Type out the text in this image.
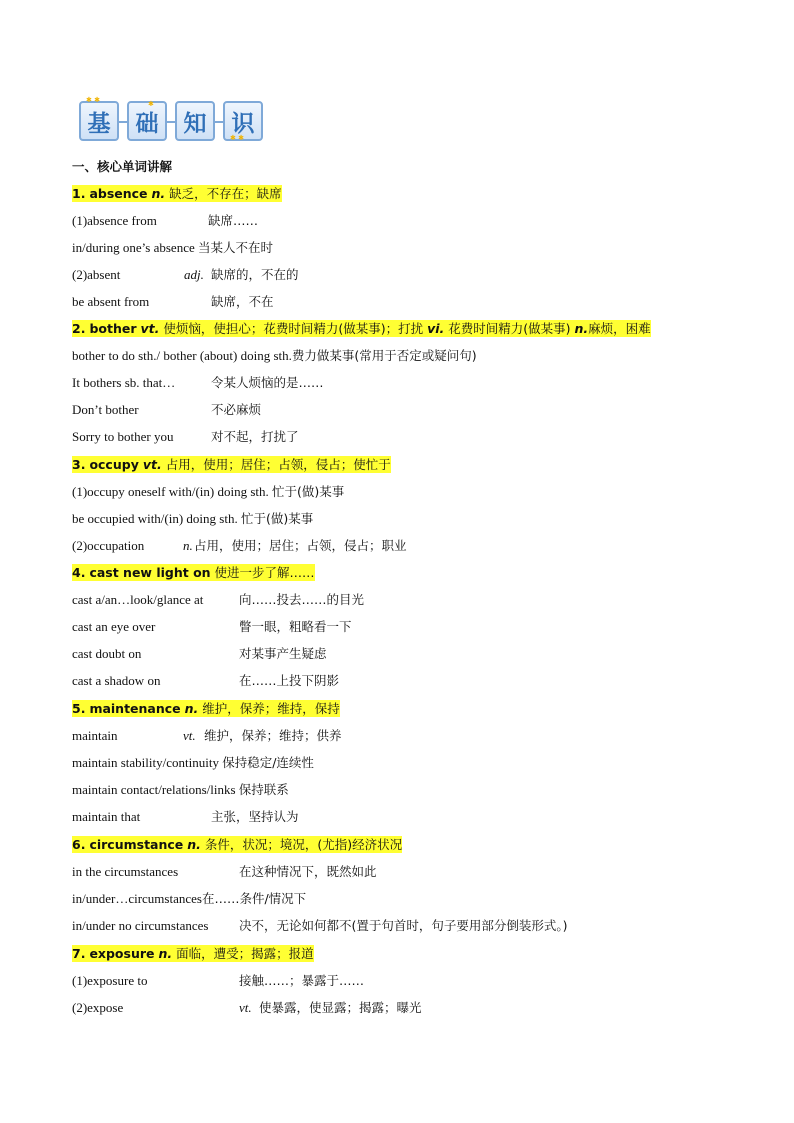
基	础	知	识
✱ ✱	✱
✱ ✱
一、核心单词讲解
1. absence n. 缺乏，不存在；缺席
(1)absence from	缺席……
in/during one’s absence 当某人不在时
(2)absent	adj. 缺席的，不在的
be absent from	缺席，不在
2. bother vt. 使烦恼，使担心；花费时间精力(做某事)；打扰 vi. 花费时间精力(做某事) n.麻烦，困难
bother to do sth./ bother (about) doing sth.费力做某事(常用于否定或疑问句)
It bothers sb. that…	令某人烦恼的是……
Don’t bother	不必麻烦
Sorry to bother you	对不起，打扰了
3. occupy vt. 占用，使用；居住；占领，侵占；使忙于
(1)occupy oneself with/(in) doing sth. 忙于(做)某事
be occupied with/(in) doing sth. 忙于(做)某事
(2)occupation	n. 占用，使用；居住；占领，侵占；职业
4. cast new light on 使进一步了解……
cast a/an…look/glance at	向……投去……的目光
cast an eye over	瞥一眼，粗略看一下
cast doubt on	对某事产生疑虑
cast a shadow on	在……上投下阴影
5. maintenance n. 维护，保养；维持，保持
maintain	vt. 维护，保养；维持；供养
maintain stability/continuity 保持稳定/连续性
maintain contact/relations/links 保持联系
maintain that	主张，坚持认为
6. circumstance n. 条件，状况；境况，(尤指)经济状况
in the circumstances	在这种情况下，既然如此
in/under…circumstances在……条件/情况下
in/under no circumstances 决不，无论如何都不(置于句首时，句子要用部分倒装形式。)
7. exposure n. 面临，遭受；揭露；报道
(1)exposure to	接触……；暴露于……
(2)expose	vt. 使暴露，使显露；揭露；曝光
